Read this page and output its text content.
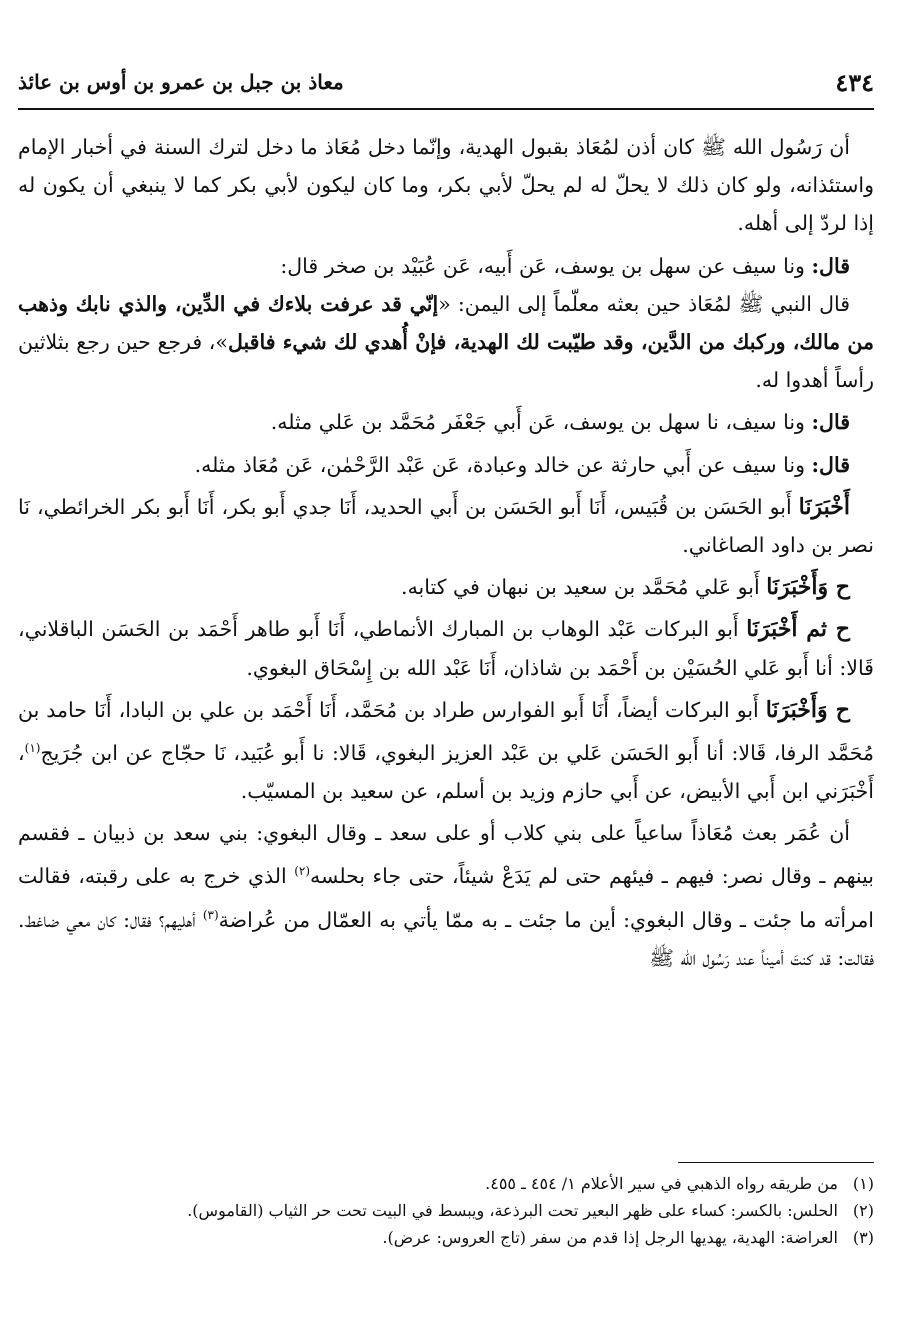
٤٣٤
معاذ بن جبل بن عمرو بن أوس بن عائذ

أن رَسُول الله ﷺ كان أذن لمُعَاذ بقبول الهدية، وإنّما دخل مُعَاذ ما دخل لترك السنة في أخبار الإمام واستئذانه، ولو كان ذلك لا يحلّ له لم يحلّ لأبي بكر، وما كان ليكون لأبي بكر كما لا ينبغي أن يكون له إذا لردّ إلى أهله.

قال: ونا سيف عن سهل بن يوسف، عَن أَبيه، عَن عُبَيْد بن صخر قال:

قال النبي ﷺ لمُعَاذ حين بعثه معلّماً إلى اليمن: «إنّي قد عرفت بلاءك في الدِّين، والذي نابك وذهب من مالك، وركبك من الدَّين، وقد طيّبت لك الهدية، فإنْ أُهدي لك شيء فاقبل»، فرجع حين رجع بثلاثين رأساً أهدوا له.

قال: ونا سيف، نا سهل بن يوسف، عَن أَبي جَعْفَر مُحَمَّد بن عَلي مثله.

قال: ونا سيف عن أَبي حارثة عن خالد وعبادة، عَن عَبْد الرَّحْمٰن، عَن مُعَاذ مثله.

أَخْبَرَنَا أَبو الحَسَن بن قُبَيس، أَنَا أَبو الحَسَن بن أَبي الحديد، أَنَا جدي أَبو بكر، أَنَا أَبو بكر الخرائطي، نَا نصر بن داود الصاغاني.

ح وَأَخْبَرَنَا أَبو عَلي مُحَمَّد بن سعيد بن نبهان في كتابه.

ح ثم أَخْبَرَنَا أَبو البركات عَبْد الوهاب بن المبارك الأنماطي، أَنَا أَبو طاهر أَحْمَد بن الحَسَن الباقلاني، قَالا: أنا أَبو عَلي الحُسَيْن بن أَحْمَد بن شاذان، أَنَا عَبْد الله بن إِسْحَاق البغوي.

ح وَأَخْبَرَنَا أَبو البركات أيضاً، أَنَا أَبو الفوارس طراد بن مُحَمَّد، أَنَا أَحْمَد بن علي بن البادا، أَنَا حامد بن مُحَمَّد الرفا، قَالا: أنا أَبو الحَسَن عَلي بن عَبْد العزيز البغوي، قَالا: نا أَبو عُبَيد، نَا حجّاج عن ابن جُرَيج$^{(١)}$، أَخْبَرَني ابن أَبي الأبيض، عن أَبي حازم وزيد بن أسلم، عن سعيد بن المسيّب.

أن عُمَر بعث مُعَاذاً ساعياً على بني كلاب أو على سعد ـ وقال البغوي: بني سعد بن ذبيان ـ فقسم بينهم ـ وقال نصر: فيهم ـ فيئهم حتى لم يَدَعْ شيئاً، حتى جاء بحلسه$^{(٢)}$ الذي خرج به على رقبته، فقالت امرأته ما جئت ـ وقال البغوي: أين ما جئت ـ به ممّا يأتي به العمّال من عُراضة$^{(٣)}$ أهليهم؟ فقال: كان معي ضاغط. فقالت: قد كنتَ أميناً عند رَسُول الله ﷺ

(١)من طريقه رواه الذهبي في سير الأعلام ١/ ٤٥٤ ـ ٤٥٥.

(٢)الحلس: بالكسر: كساء على ظهر البعير تحت البرذعة، ويبسط في البيت تحت حر الثياب (القاموس).

(٣)العراضة: الهدية، يهديها الرجل إذا قدم من سفر (تاج العروس: عرض).
